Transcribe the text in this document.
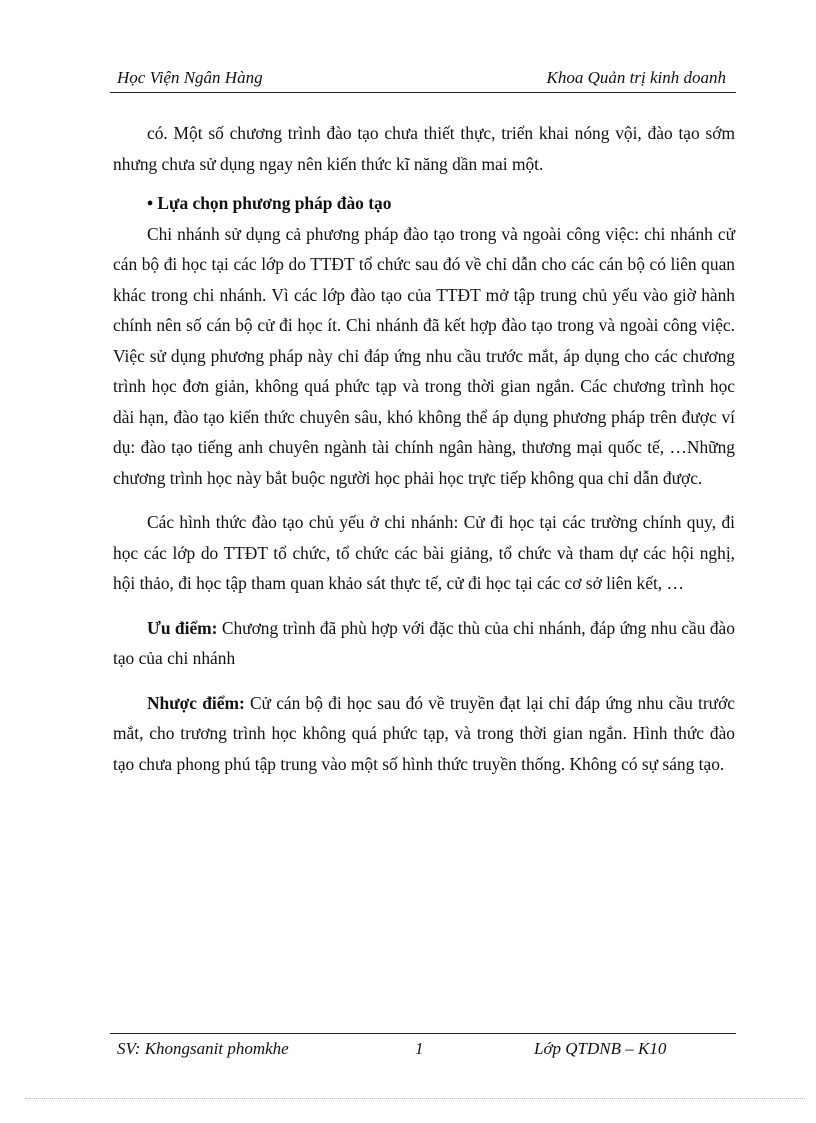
Học Viện Ngân Hàng	Khoa Quản trị kinh doanh

có. Một số chương trình đào tạo chưa thiết thực, triển khai nóng vội, đào tạo sớm nhưng chưa sử dụng ngay nên kiến thức kĩ năng dần mai một.

• Lựa chọn phương pháp đào tạo

Chi nhánh sử dụng cả phương pháp đào tạo trong và ngoài công việc: chi nhánh cử cán bộ đi học tại các lớp do TTĐT tổ chức sau đó về chỉ dẫn cho các cán bộ có liên quan khác trong chi nhánh. Vì các lớp đào tạo của TTĐT mở tập trung chủ yếu vào giờ hành chính nên số cán bộ cử đi học ít. Chi nhánh đã kết hợp đào tạo trong và ngoài công việc. Việc sử dụng phương pháp này chỉ đáp ứng nhu cầu trước mắt, áp dụng cho các chương trình học đơn giản, không quá phức tạp và trong thời gian ngắn. Các chương trình học dài hạn, đào tạo kiến thức chuyên sâu, khó không thể áp dụng phương pháp trên được ví dụ: đào tạo tiếng anh chuyên ngành tài chính ngân hàng, thương mại quốc tế, …Những chương trình học này bắt buộc người học phải học trực tiếp không qua chỉ dẫn được.

Các hình thức đào tạo chủ yếu ở chi nhánh: Cử đi học tại các trường chính quy, đi học các lớp do TTĐT tổ chức, tổ chức các bài giảng, tổ chức và tham dự các hội nghị, hội thảo, đi học tập tham quan khảo sát thực tế, cử đi học tại các cơ sở liên kết, …

Ưu điểm: Chương trình đã phù hợp với đặc thù của chi nhánh, đáp ứng nhu cầu đào tạo của chi nhánh

Nhược điểm: Cử cán bộ đi học sau đó về truyền đạt lại chỉ đáp ứng nhu cầu trước mắt, cho trương trình học không quá phức tạp, và trong thời gian ngắn. Hình thức đào tạo chưa phong phú tập trung vào một số hình thức truyền thống. Không có sự sáng tạo.

SV: Khongsanit phomkhe	1	Lớp QTDNB – K10
